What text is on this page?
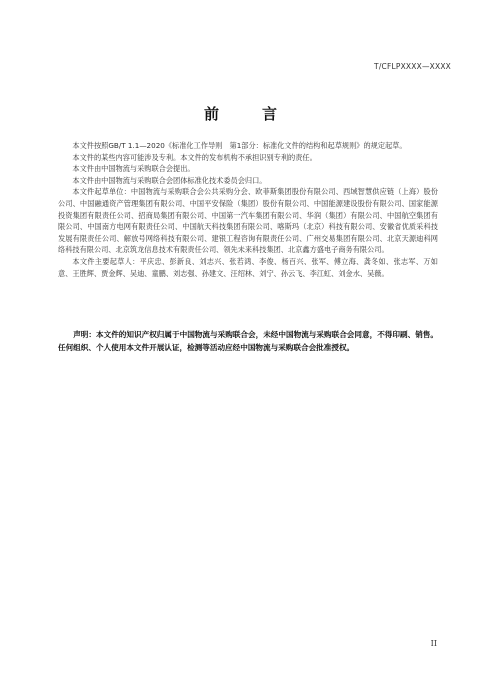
T/CFLPXXXX—XXXX
前　言

本文件按照GB/T 1.1—2020《标准化工作导则　第1部分：标准化文件的结构和起草规则》的规定起草。

本文件的某些内容可能涉及专利。本文件的发布机构不承担识别专利的责任。

本文件由中国物流与采购联合会提出。

本文件由中国物流与采购联合会团体标准化技术委员会归口。

本文件起草单位：中国物流与采购联合会公共采购分会、欧菲斯集团股份有限公司、西域智慧供应链（上海）股份公司、中国融通资产管理集团有限公司、中国平安保险（集团）股份有限公司、中国能源建设股份有限公司、国家能源投资集团有限责任公司、招商局集团有限公司、中国第一汽车集团有限公司、华润（集团）有限公司、中国航空集团有限公司、中国南方电网有限责任公司、中国航天科技集团有限公司、喀斯玛（北京）科技有限公司、安徽省优质采科技发展有限责任公司、解放号网络科技有限公司、建银工程咨询有限责任公司、广州交易集团有限公司、北京天源迪科网络科技有限公司、北京筑龙信息技术有限责任公司、领先未来科技集团、北京鑫方盛电子商务有限公司。

本文件主要起草人：平庆忠、彭新良、刘志兴、张若鸿、李俊、杨百兴、张军、傅立海、龚冬如、张志军、万如意、王胜辉、贾金辉、吴迪、童鹏、刘志强、孙建文、汪绍林、刘宁、孙云飞、李江虹、刘金水、吴薇。

声明：本文件的知识产权归属于中国物流与采购联合会，未经中国物流与采购联合会同意，不得印刷、销售。任何组织、个人使用本文件开展认证，检测等活动应经中国物流与采购联合会批准授权。
II
